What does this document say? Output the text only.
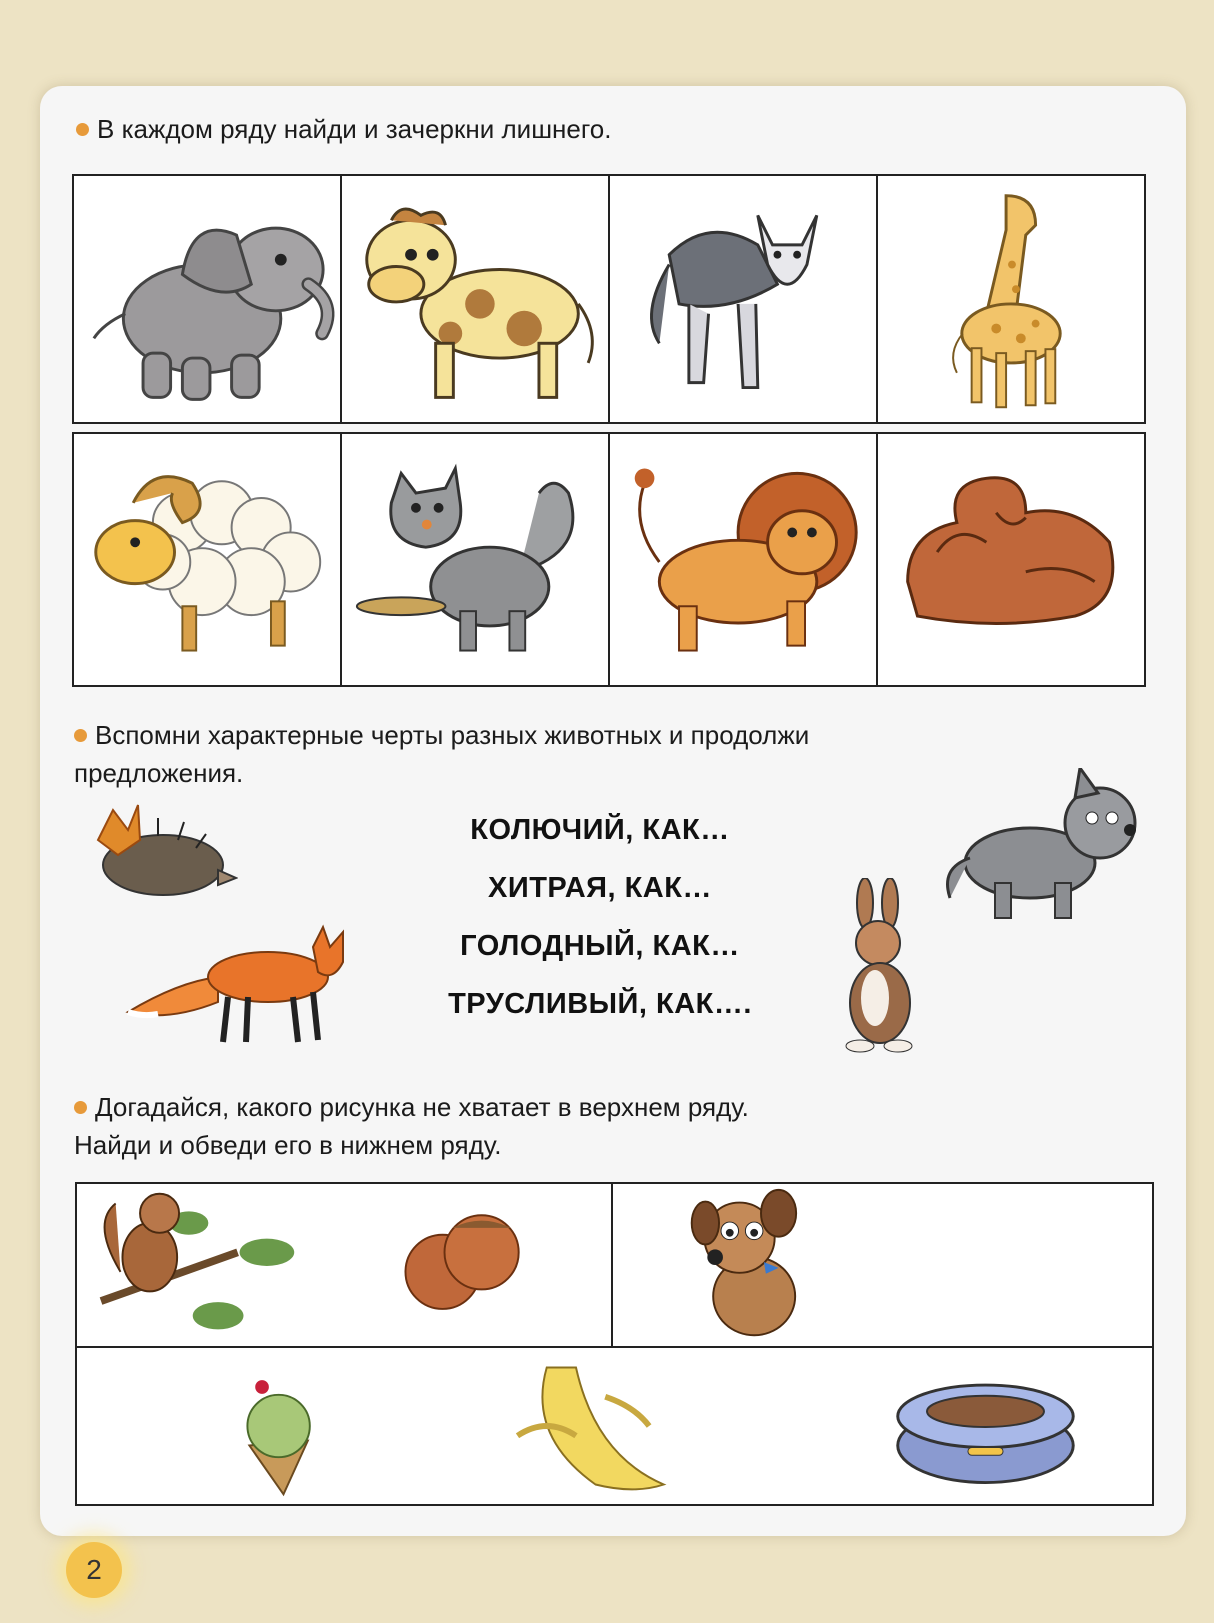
В каждом ряду найди и зачеркни лишнего.
Вспомни характерные черты разных животных и продолжи
предложения.
КОЛЮЧИЙ, КАК…
ХИТРАЯ, КАК…
ГОЛОДНЫЙ, КАК…
ТРУСЛИВЫЙ, КАК….
Догадайся, какого рисунка не хватает в верхнем ряду.
Найди и обведи его в нижнем ряду.
2
